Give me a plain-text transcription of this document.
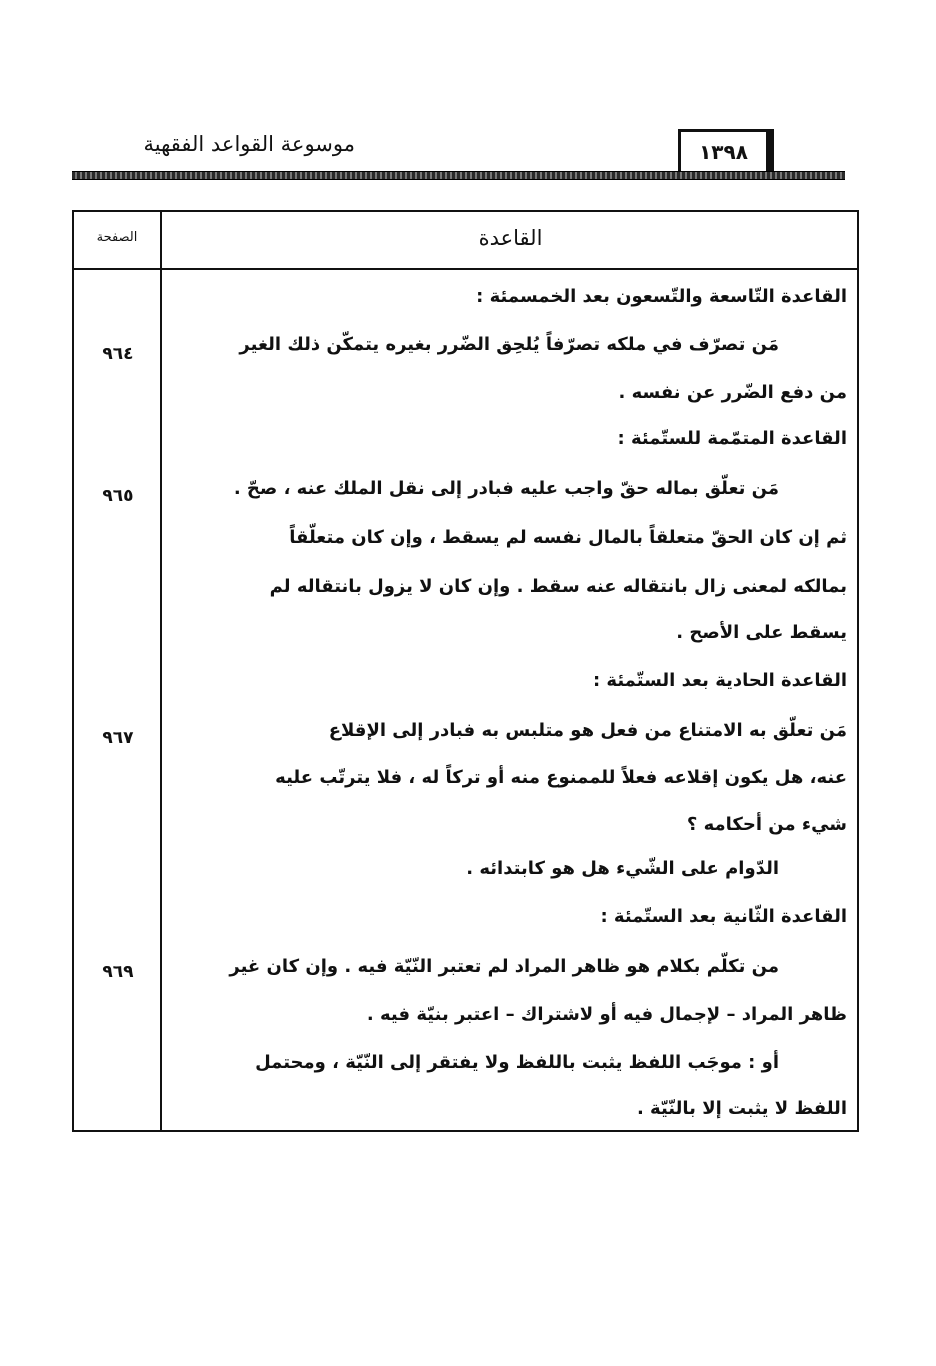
موسوعة القواعد الفقهية	١٣٩٨
الصفحة	القاعدة
القاعدة التّاسعة والتّسعون بعد الخمسمئة :
مَن تصرّف في ملكه تصرّفاً يُلحِق الضّرر بغيره يتمكّن ذلك الغير
من دفع الضّرر عن نفسه .
القاعدة المتمّمة للستّمئة :
مَن تعلّق بماله حقّ واجب عليه فبادر إلى نقل الملك عنه ، صحّ .
ثم إن كان الحقّ متعلقاً بالمال نفسه لم يسقط ، وإن كان متعلّقاً
بمالكه لمعنى زال بانتقاله عنه سقط . وإن كان لا يزول بانتقاله لم
يسقط على الأصح .
القاعدة الحادية بعد الستّمئة :
مَن تعلّق به الامتناع من فعل هو متلبس به فبادر إلى الإقلاع
عنه، هل يكون إقلاعه فعلاً للممنوع منه أو تركاً له ، فلا يترتّب عليه
شيء من أحكامه ؟
الدّوام على الشّيء هل هو كابتدائه .
القاعدة الثّانية بعد الستّمئة :
من تكلّم بكلام هو ظاهر المراد لم تعتبر النّيّة فيه . وإن كان غير
ظاهر المراد – لإجمال فيه أو لاشتراك – اعتبر بنيّة فيه .
أو : موجَب اللفظ يثبت باللفظ ولا يفتقر إلى النّيّة ، ومحتمل
اللفظ لا يثبت إلا بالنّيّة .
٩٦٤
٩٦٥
٩٦٧
٩٦٩
